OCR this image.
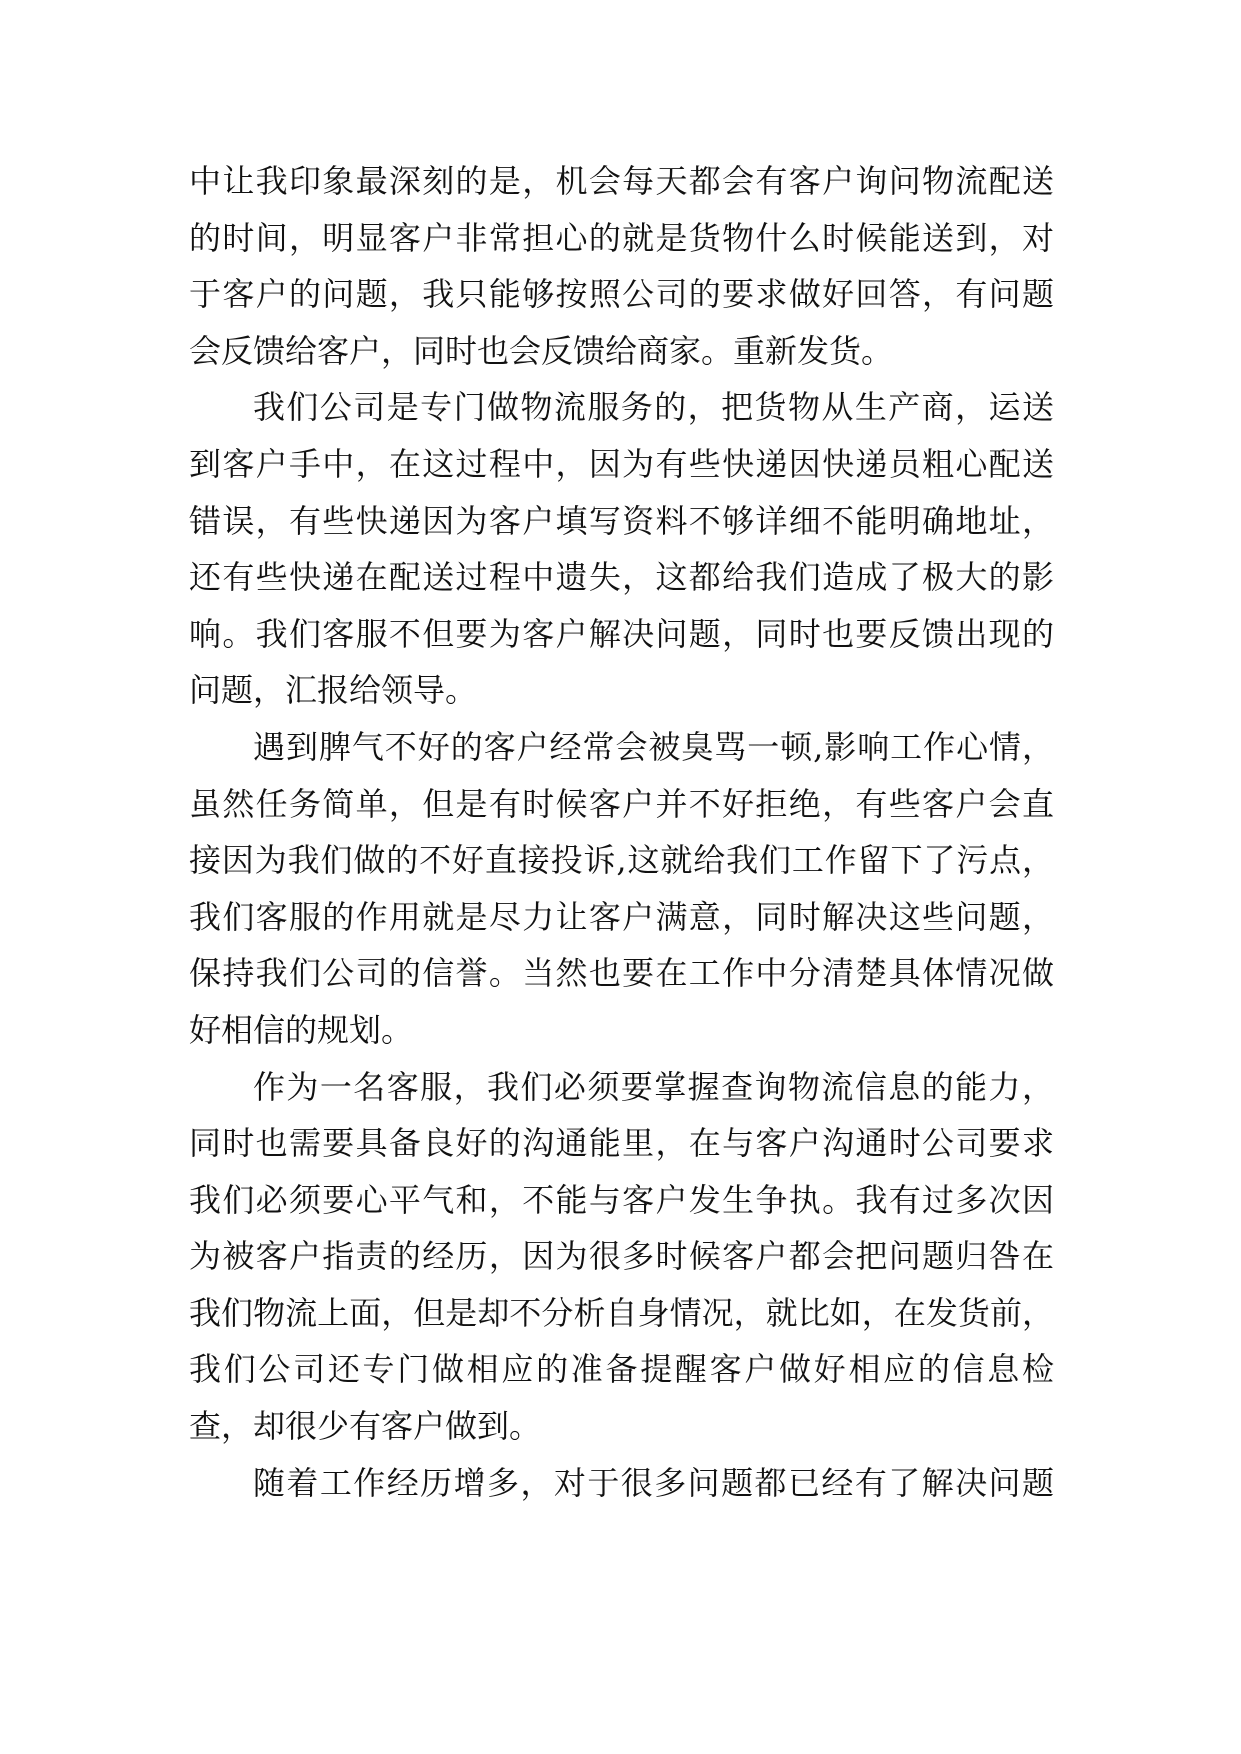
中让我印象最深刻的是，机会每天都会有客户询问物流配送
的时间，明显客户非常担心的就是货物什么时候能送到，对
于客户的问题，我只能够按照公司的要求做好回答，有问题
会反馈给客户，同时也会反馈给商家。重新发货。
我们公司是专门做物流服务的，把货物从生产商，运送
到客户手中，在这过程中，因为有些快递因快递员粗心配送
错误，有些快递因为客户填写资料不够详细不能明确地址，
还有些快递在配送过程中遗失，这都给我们造成了极大的影
响。我们客服不但要为客户解决问题，同时也要反馈出现的
问题，汇报给领导。
遇到脾气不好的客户经常会被臭骂一顿,影响工作心情，
虽然任务简单，但是有时候客户并不好拒绝，有些客户会直
接因为我们做的不好直接投诉,这就给我们工作留下了污点，
我们客服的作用就是尽力让客户满意，同时解决这些问题，
保持我们公司的信誉。当然也要在工作中分清楚具体情况做
好相信的规划。
作为一名客服，我们必须要掌握查询物流信息的能力，
同时也需要具备良好的沟通能里，在与客户沟通时公司要求
我们必须要心平气和，不能与客户发生争执。我有过多次因
为被客户指责的经历，因为很多时候客户都会把问题归咎在
我们物流上面，但是却不分析自身情况，就比如，在发货前，
我们公司还专门做相应的准备提醒客户做好相应的信息检
查，却很少有客户做到。
随着工作经历增多，对于很多问题都已经有了解决问题
